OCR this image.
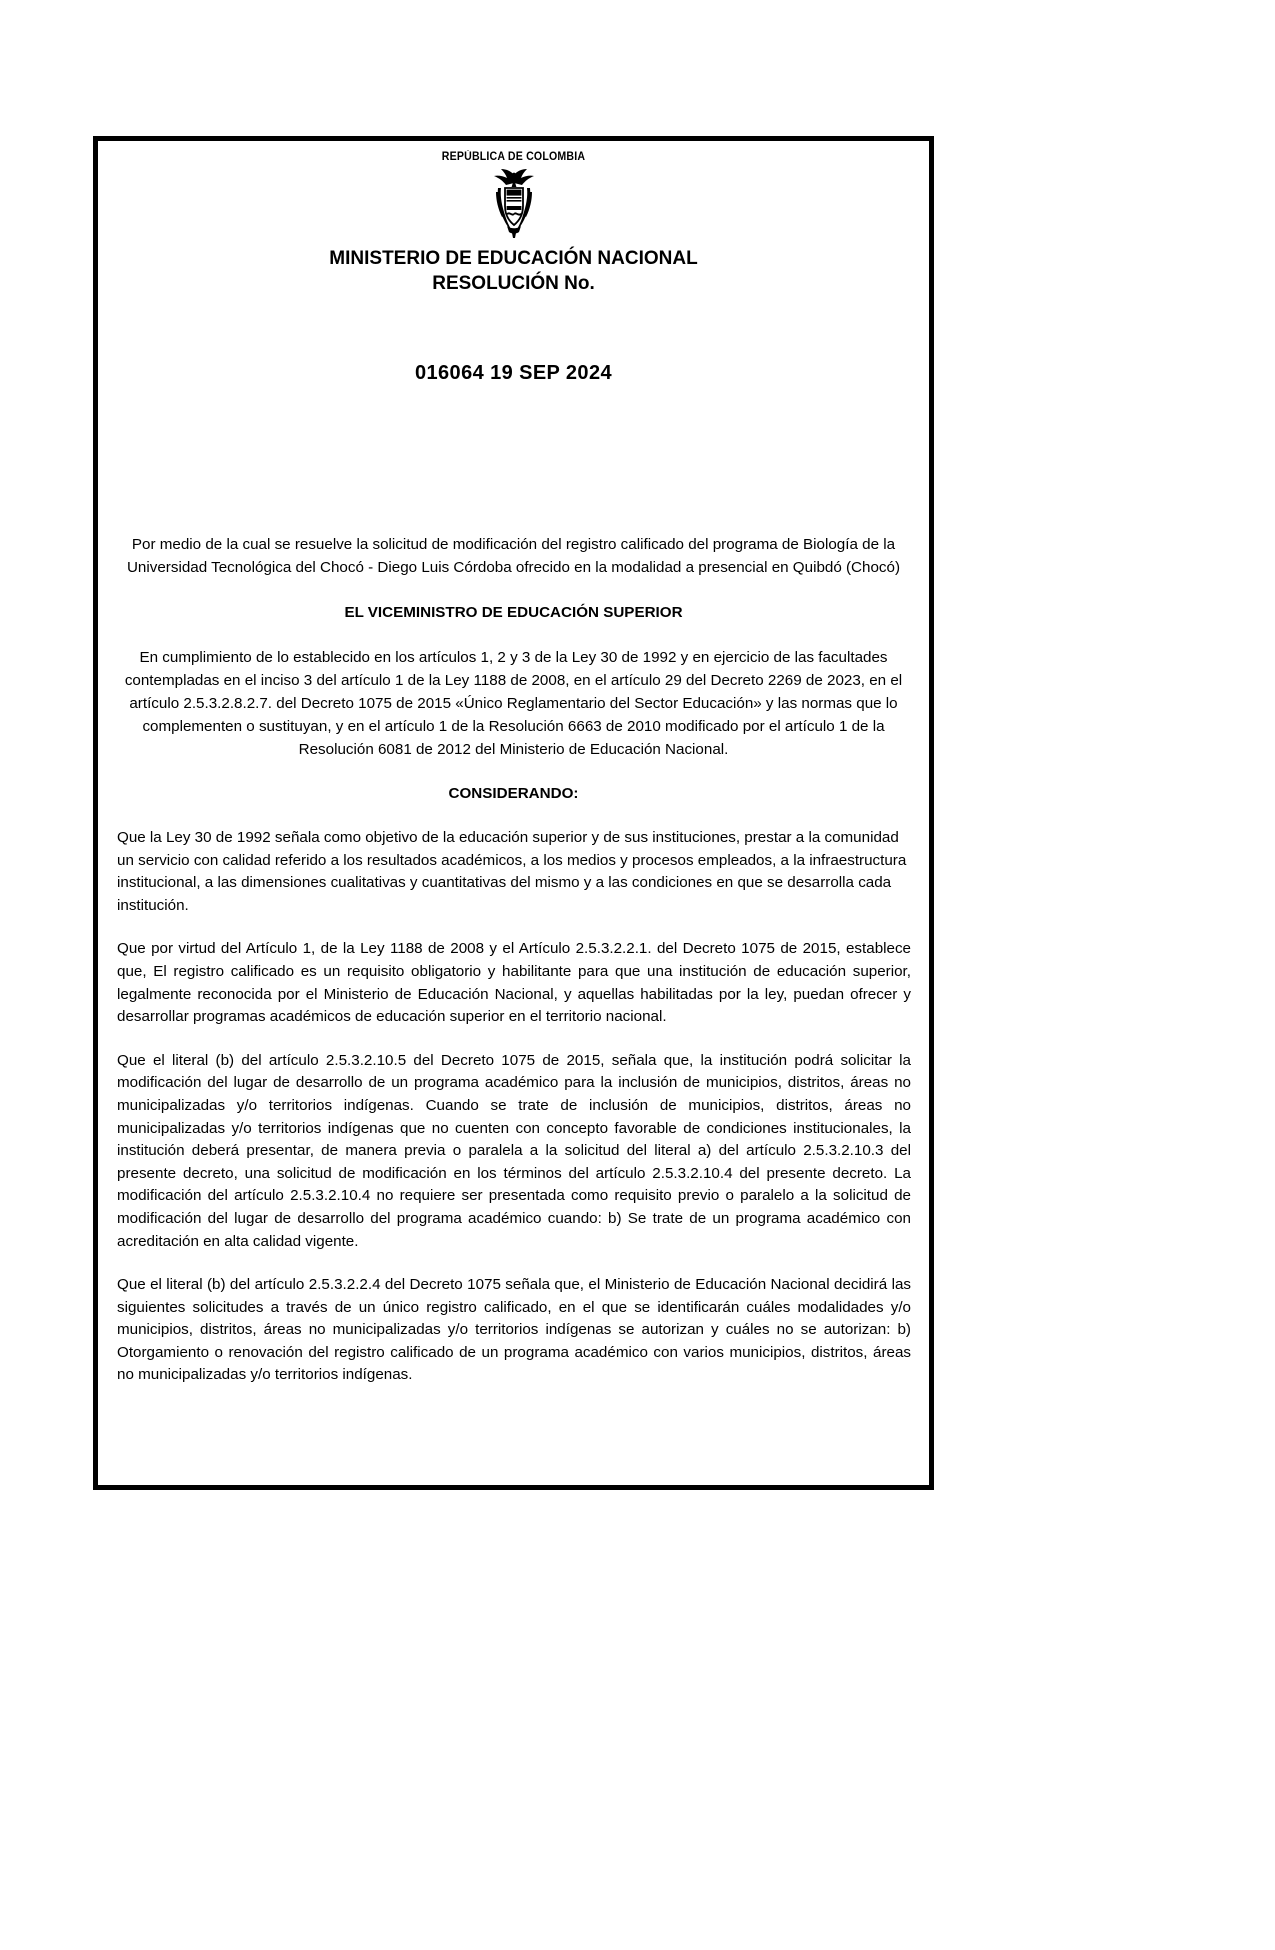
REPÚBLICA DE COLOMBIA
MINISTERIO DE EDUCACIÓN NACIONAL
RESOLUCIÓN No.
016064 19 SEP 2024
Por medio de la cual se resuelve la solicitud de modificación del registro calificado del programa de Biología de la Universidad Tecnológica del Chocó - Diego Luis Córdoba ofrecido en la modalidad a presencial en Quibdó (Chocó)
EL VICEMINISTRO DE EDUCACIÓN SUPERIOR
En cumplimiento de lo establecido en los artículos 1, 2 y 3 de la Ley 30 de 1992 y en ejercicio de las facultades contempladas en el inciso 3 del artículo 1 de la Ley 1188 de 2008, en el artículo 29 del Decreto 2269 de 2023, en el artículo 2.5.3.2.8.2.7. del Decreto 1075 de 2015 «Único Reglamentario del Sector Educación» y las normas que lo complementen o sustituyan, y en el artículo 1 de la Resolución 6663 de 2010 modificado por el artículo 1 de la Resolución 6081 de 2012 del Ministerio de Educación Nacional.
CONSIDERANDO:

Que la Ley 30 de 1992 señala como objetivo de la educación superior y de sus instituciones, prestar a la comunidad un servicio con calidad referido a los resultados académicos, a los medios y procesos empleados, a la infraestructura institucional, a las dimensiones cualitativas y cuantitativas del mismo y a las condiciones en que se desarrolla cada institución.

Que por virtud del Artículo 1, de la Ley 1188 de 2008 y el Artículo 2.5.3.2.2.1. del Decreto 1075 de 2015, establece que, El registro calificado es un requisito obligatorio y habilitante para que una institución de educación superior, legalmente reconocida por el Ministerio de Educación Nacional, y aquellas habilitadas por la ley, puedan ofrecer y desarrollar programas académicos de educación superior en el territorio nacional.

Que el literal (b) del artículo 2.5.3.2.10.5 del Decreto 1075 de 2015, señala que, la institución podrá solicitar la modificación del lugar de desarrollo de un programa académico para la inclusión de municipios, distritos, áreas no municipalizadas y/o territorios indígenas. Cuando se trate de inclusión de municipios, distritos, áreas no municipalizadas y/o territorios indígenas que no cuenten con concepto favorable de condiciones institucionales, la institución deberá presentar, de manera previa o paralela a la solicitud del literal a) del artículo 2.5.3.2.10.3 del presente decreto, una solicitud de modificación en los términos del artículo 2.5.3.2.10.4 del presente decreto. La modificación del artículo 2.5.3.2.10.4 no requiere ser presentada como requisito previo o paralelo a la solicitud de modificación del lugar de desarrollo del programa académico cuando: b) Se trate de un programa académico con acreditación en alta calidad vigente.

Que el literal (b) del artículo 2.5.3.2.2.4 del Decreto 1075 señala que, el Ministerio de Educación Nacional decidirá las siguientes solicitudes a través de un único registro calificado, en el que se identificarán cuáles modalidades y/o municipios, distritos, áreas no municipalizadas y/o territorios indígenas se autorizan y cuáles no se autorizan: b) Otorgamiento o renovación del registro calificado de un programa académico con varios municipios, distritos, áreas no municipalizadas y/o territorios indígenas.
